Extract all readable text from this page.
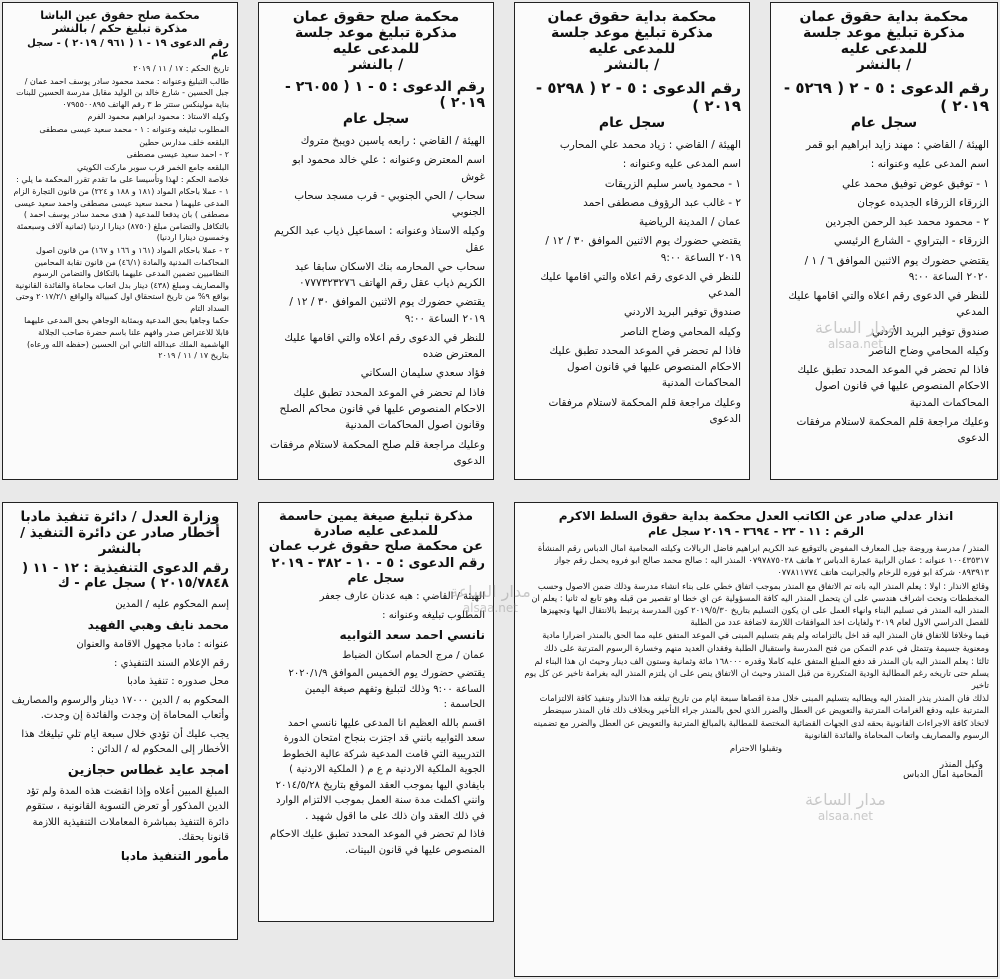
محكمة بداية حقوق عمان
مذكرة تبليغ موعد جلسة للمدعى عليه
/ بالنشر
رقم الدعوى : ٥ - ٢ ( ٥٢٦٩ - ٢٠١٩ )
سجل عام

الهيئة / القاضي : مهند زايد ابراهيم ابو قمر

اسم المدعى عليه وعنوانه :

١ - توفيق عوض توفيق محمد علي

الزرقاء الزرقاء الجديده عوجان

٢ - محمود محمد عبد الرحمن الجردين

الزرقاء - البتراوي - الشارع الرئيسي

يقتضي حضورك يوم الاثنين الموافق ٦ / ١ / ٢٠٢٠ الساعة ٩:٠٠

للنظر في الدعوى رقم اعلاه والتي اقامها عليك المدعي

صندوق توفير البريد الأردني

وكيله المحامي وضاح الناصر

فاذا لم تحضر في الموعد المحدد تطبق عليك الاحكام المنصوص عليها في قانون اصول المحاكمات المدنية

وعليك مراجعة قلم المحكمة لاستلام مرفقات الدعوى

محكمة بداية حقوق عمان
مذكرة تبليغ موعد جلسة للمدعى عليه
/ بالنشر
رقم الدعوى : ٥ - ٢ ( ٥٢٩٨ - ٢٠١٩ )
سجل عام

الهيئة / القاضي : زياد محمد علي المحارب

اسم المدعى عليه وعنوانه :

١ - محمود ياسر سليم الزريقات

٢ - غالب عبد الرؤوف مصطفى احمد

عمان / المدينة الرياضية

يقتضي حضورك يوم الاثنين الموافق ٣٠ / ١٢ / ٢٠١٩ الساعة ٩:٠٠

للنظر في الدعوى رقم اعلاه والتي اقامها عليك المدعي

صندوق توفير البريد الاردني

وكيله المحامي وضاح الناصر

فاذا لم تحضر في الموعد المحدد تطبق عليك الاحكام المنصوص عليها في قانون اصول المحاكمات المدنية

وعليك مراجعة قلم المحكمة لاستلام مرفقات الدعوى

محكمة صلح حقوق عمان
مذكرة تبليغ موعد جلسة للمدعى عليه
/ بالنشر
رقم الدعوى : ٥ - ١ ( ٢٦٠٥٥ - ٢٠١٩ )
سجل عام

الهيئة / القاضي : رابعه ياسين دويبخ متروك

اسم المعترض وعنوانه : علي خالد محمود ابو غوش

سحاب / الحي الجنوبي - قرب مسجد سحاب الجنوبي

وكيله الاستاذ وعنوانه : اسماعيل ذياب عبد الكريم عقل

سحاب حي المحارمه بنك الاسكان سابقا عبد الكريم ذياب عقل رقم الهاتف ٠٧٧٧٣٢٣٢٧٦

يقتضي حضورك يوم الاثنين الموافق ٣٠ / ١٢ / ٢٠١٩ الساعة ٩:٠٠

للنظر في الدعوى رقم اعلاه والتي اقامها عليك المعترض ضده

فؤاد سعدي سليمان السكاني

فاذا لم تحضر في الموعد المحدد تطبق عليك الاحكام المنصوص عليها في قانون محاكم الصلح وقانون اصول المحاكمات المدنية

وعليك مراجعة قلم صلح المحكمة لاستلام مرفقات الدعوى

محكمة صلح حقوق عين الباشا
مذكرة تبليغ حكم / بالنشر
رقم الدعوى ١٩ - ١ ( ٩٦١ / ٢٠١٩ ) - سجل عام

تاريخ الحكم : ١٧ / ١١ / ٢٠١٩

طالب التبليغ وعنوانه : محمد محمود سادر يوسف احمد عمان / جبل الحسين - شارع خالد بن الوليد مقابل مدرسة الحسين للبنات بناية مولينكس ستتر ط ٣ رقم الهاتف ٠٧٩٥٥٠٠٨٩٥

وكيله الاستاذ : محمود ابراهيم محمود الفرم

المطلوب تبليغه وعنوانه : ١ - محمد سعيد عيسى مصطفى

البلقعه خلف مدارس حطين

٢ - احمد سعيد عيسى مصطفى

البلقعه جامع الخمر قرب سوبر ماركت الكويتي

خلاصة الحكم : لهذا وتأسيسا على ما تقدم تقرر المحكمة ما يلي : ١ - عملا باحكام المواد (١٨١ و ١٨٨ و ٢٢٤) من قانون التجارة الزام المدعى عليهما ( محمد سعيد عيسى مصطفى واحمد سعيد عيسى مصطفى ) بان يدفعا للمدعية ( هدى محمد سادر يوسف احمد ) بالتكافل والتضامن مبلغ (٨٧٥٠) دينارا اردنيا (ثمانية آلاف وسبعمئة وخمسون دينارا اردنيا)

٢ - عملا باحكام المواد (١٦١ و ١٦٦ و ١٦٧) من قانون اصول المحاكمات المدنية والمادة (٤٦/١) من قانون نقابة المحامين النظاميين تضمين المدعى عليهما بالتكافل والتضامن الرسوم والمصاريف ومبلغ (٤٣٨) دينار بدل اتعاب محاماة والفائدة القانونية بواقع ٩% من تاريخ استحقاق اول كمبيالة والواقع ٢٠١٧/٢/١ وحتى السداد التام

حكما وجاهيا بحق المدعية وبمثابة الوجاهي بحق المدعى عليهما قابلا للاعتراض صدر وافهم علنا باسم حضرة صاحب الجلالة الهاشمية الملك عبدالله الثاني ابن الحسين (حفظه الله ورعاه) بتاريخ ١٧ / ١١ / ٢٠١٩

انذار عدلي صادر عن الكاتب العدل محكمة بداية حقوق السلط الاكرم
الرقم : ١١ - ٢٣ - ٣٦٩٤ - ٢٠١٩ سجل عام

المنذر / مدرسة وروضة جيل المعارف المفوض بالتوقيع عبد الكريم ابراهيم فاضل الربالات وكيلته المحامية امال الدباس رقم المنشأة ١٠٠٤٣٥٣١٧ عنوانه : عمان الرابية عمارة الدباس ٢ هاتف ٠٧٩٧٨٧٥٠٢٨ المنذر اليه : صالح محمد صالح ابو فروه يحمل رقم جواز ٠٨٩٣٩١٣ شركة ابو فوره للرخام والجرانيت هاتف ٠٧٧٨١١٧٧٤

وقائع الانذار : اولا : يعلم المنذر اليه بانه تم الاتفاق مع المنذر بموجب اتفاق خطي على بناء انشاء مدرسة وذلك ضمن الاصول وحسب المخططات وتحت اشراف هندسي على ان يتحمل المنذر اليه كافة المسؤولية عن اي خطا او تقصير من قبله وهو تابع له ثانيا : يعلم ان المنذر اليه المنذر في تسليم البناء وانهاء العمل على ان يكون التسليم بتاريخ ٢٠١٩/٥/٣٠ كون المدرسة يرتبط بالانتقال اليها وتجهيزها للفصل الدراسي الاول لعام ٢٠١٩ ولغايات اخذ الموافقات اللازمة لاضافة عدد من الطلبة

فيما وخلافا للاتفاق فان المنذر اليه قد اخل بالتزاماته ولم يقم بتسليم المبنى في الموعد المتفق عليه مما الحق بالمنذر اضرارا مادية ومعنوية جسيمة وتتمثل في عدم التمكن من فتح المدرسة واستقبال الطلبة وفقدان العديد منهم وخسارة الرسوم المترتبة على ذلك

ثالثا : يعلم المنذر اليه بان المنذر قد دفع المبلغ المتفق عليه كاملا وقدره ١٦٨٠٠٠ مائة وثمانية وستون الف دينار وحيث ان هذا البناء لم يسلم حتى تاريخه رغم المطالبة الودية المتكررة من قبل المنذر وحيث ان الاتفاق ينص على ان يلتزم المنذر اليه بغرامة تاخير عن كل يوم تاخير

لذلك فان المنذر ينذر المنذر اليه ويطالبه بتسليم المبنى خلال مدة اقصاها سبعة ايام من تاريخ تبلغه هذا الانذار وتنفيذ كافة الالتزامات المترتبة عليه ودفع الغرامات المترتبة والتعويض عن العطل والضرر الذي لحق بالمنذر جراء التأخير وبخلاف ذلك فان المنذر سيضطر لاتخاذ كافة الاجراءات القانونية بحقه لدى الجهات القضائية المختصة للمطالبة بالمبالغ المترتبة والتعويض عن العطل والضرر مع تضمينه الرسوم والمصاريف واتعاب المحاماة والفائدة القانونية

وتقبلوا الاحترام

وكيل المنذر
المحامية امال الدباس
مذكرة تبليغ صيغة يمين حاسمة للمدعى عليه صادرة
عن محكمة صلح حقوق غرب عمان
رقم الدعوى : ٥ - ١٠ - ٣٨٢ - ٢٠١٩
سجل عام

الهيئة / القاضي : هبه عدنان عارف جعفر

المطلوب تبليغه وعنوانه :

نانسي احمد سعد الثوابيه

عمان / مرج الحمام اسكان الضباط

يقتضي حضورك يوم الخميس الموافق ٢٠٢٠/١/٩ الساعة ٩:٠٠ وذلك لتبليغ وتفهم صيغة اليمين الحاسمة :

اقسم بالله العظيم انا المدعى عليها نانسي احمد سعد الثوابيه بانني قد اجتزت بنجاح امتحان الدورة التدريبية التي قامت المدعية شركة عالية الخطوط الجوية الملكية الاردنية م ع م ( الملكية الاردنية ) بايفادي اليها بموجب العقد الموقع بتاريخ ٢٠١٤/٥/٢٨ وانني اكملت مدة سنة العمل بموجب الالتزام الوارد في ذلك العقد وان ذلك على ما اقول شهيد .

فاذا لم تحضر في الموعد المحدد تطبق عليك الاحكام المنصوص عليها في قانون البينات.

وزارة العدل / دائرة تنفيذ مادبا
أخطار صادر عن دائرة التنفيذ /
بالنشر
رقم الدعوى التنفيذية : ١٢ - ١١ ( ٢٠١٥/٧٨٤٨ ) سجل عام - ك

إسم المحكوم عليه / المدين

محمد نايف وهبي الفهيد

عنوانه : مادبا مجهول الاقامة والعنوان

رقم الإعلام السند التنفيذي :

محل صدوره : تنفيذ مادبا

المحكوم به / الدين ١٧٠٠٠ دينار والرسوم والمصاريف وأتعاب المحاماة إن وجدت والفائدة إن وجدت.

يجب عليك أن تؤدي خلال سبعة ايام تلي تبليغك هذا الأخطار إلى المحكوم له / الدائن :

امجد عايد غطاس حجازين

المبلغ المبين أعلاه وإذا انقضت هذه المدة ولم تؤد الدين المذكور أو تعرض التسوية القانونية ، ستقوم دائرة التنفيذ بمباشرة المعاملات التنفيذية اللازمة قانونا بحقك.

مأمور التنفيذ مادبا
مدار الساعة
alsaa.net
مدار الساعة
alsaa.net
مدار الساعة
alsaa.net
